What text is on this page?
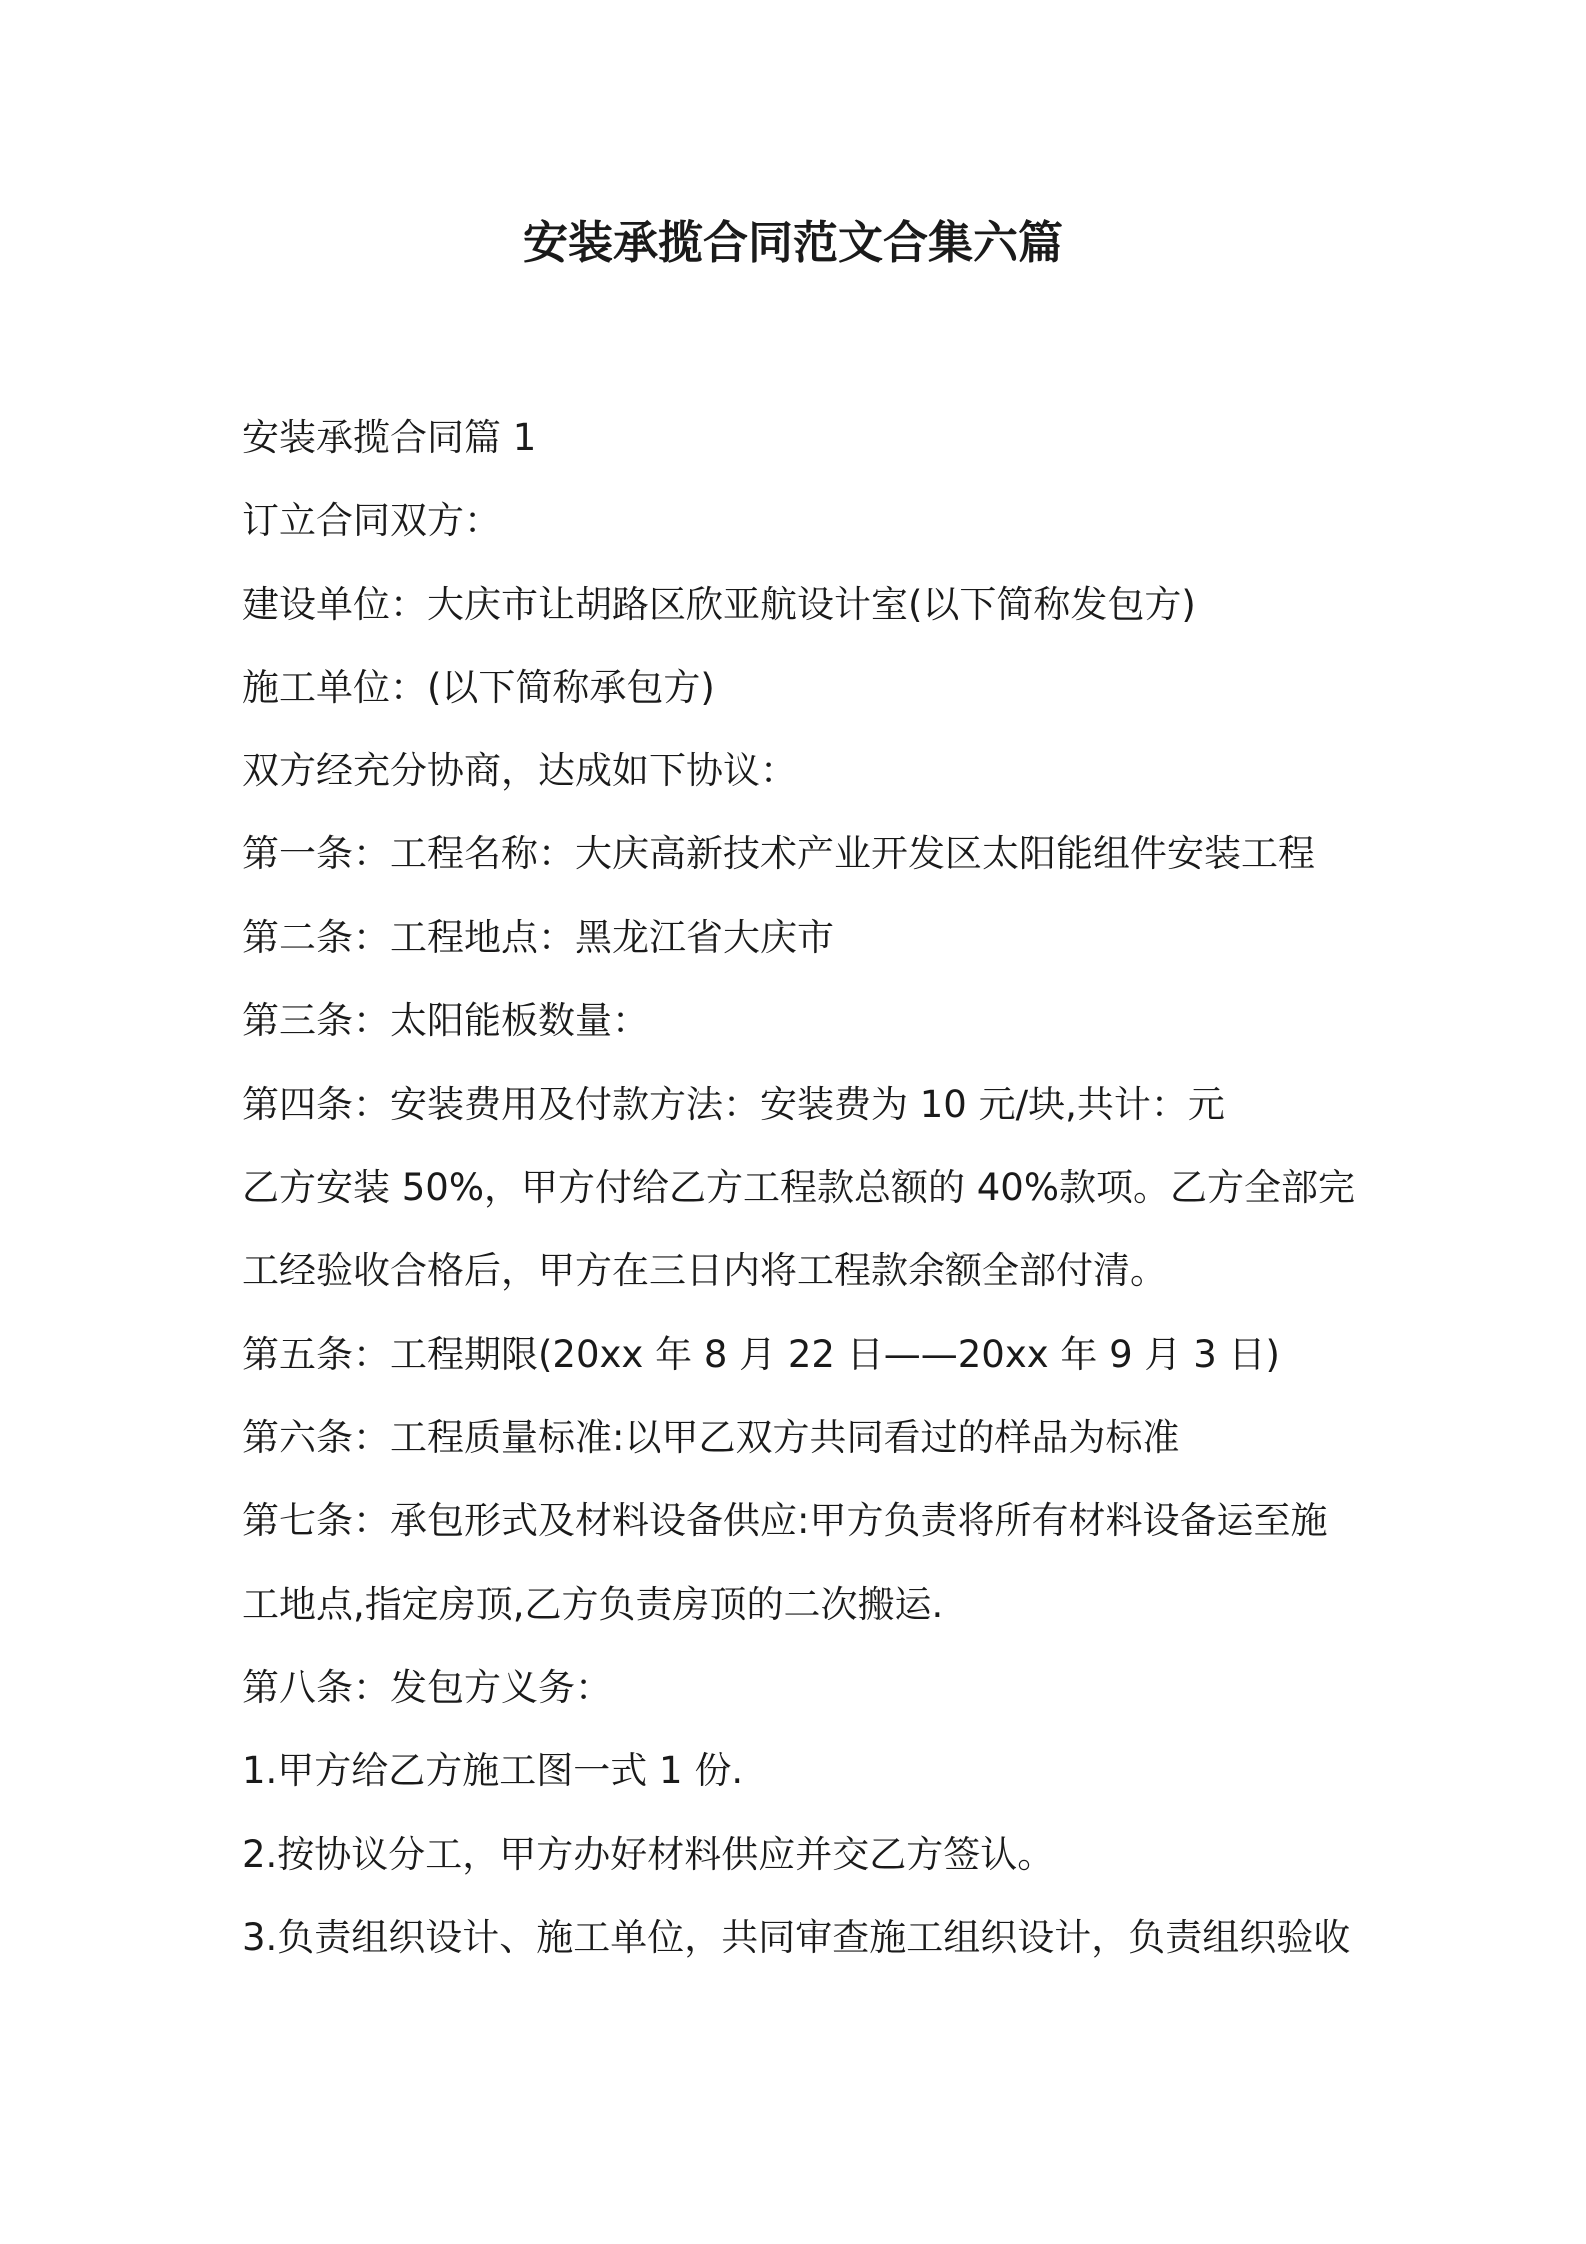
安装承揽合同范文合集六篇
安装承揽合同篇 1
订立合同双方：
建设单位：大庆市让胡路区欣亚航设计室(以下简称发包方)
施工单位：(以下简称承包方)
双方经充分协商，达成如下协议：
第一条：工程名称：大庆高新技术产业开发区太阳能组件安装工程
第二条：工程地点：黑龙江省大庆市
第三条：太阳能板数量：
第四条：安装费用及付款方法：安装费为 10 元/块,共计：元
乙方安装 50%，甲方付给乙方工程款总额的 40%款项。乙方全部完
工经验收合格后，甲方在三日内将工程款余额全部付清。
第五条：工程期限(20xx 年 8 月 22 日——20xx 年 9 月 3 日)
第六条：工程质量标准:以甲乙双方共同看过的样品为标准
第七条：承包形式及材料设备供应:甲方负责将所有材料设备运至施
工地点,指定房顶,乙方负责房顶的二次搬运.
第八条：发包方义务：
1.甲方给乙方施工图一式 1 份.
2.按协议分工，甲方办好材料供应并交乙方签认。
3.负责组织设计、施工单位，共同审查施工组织设计，负责组织验收
